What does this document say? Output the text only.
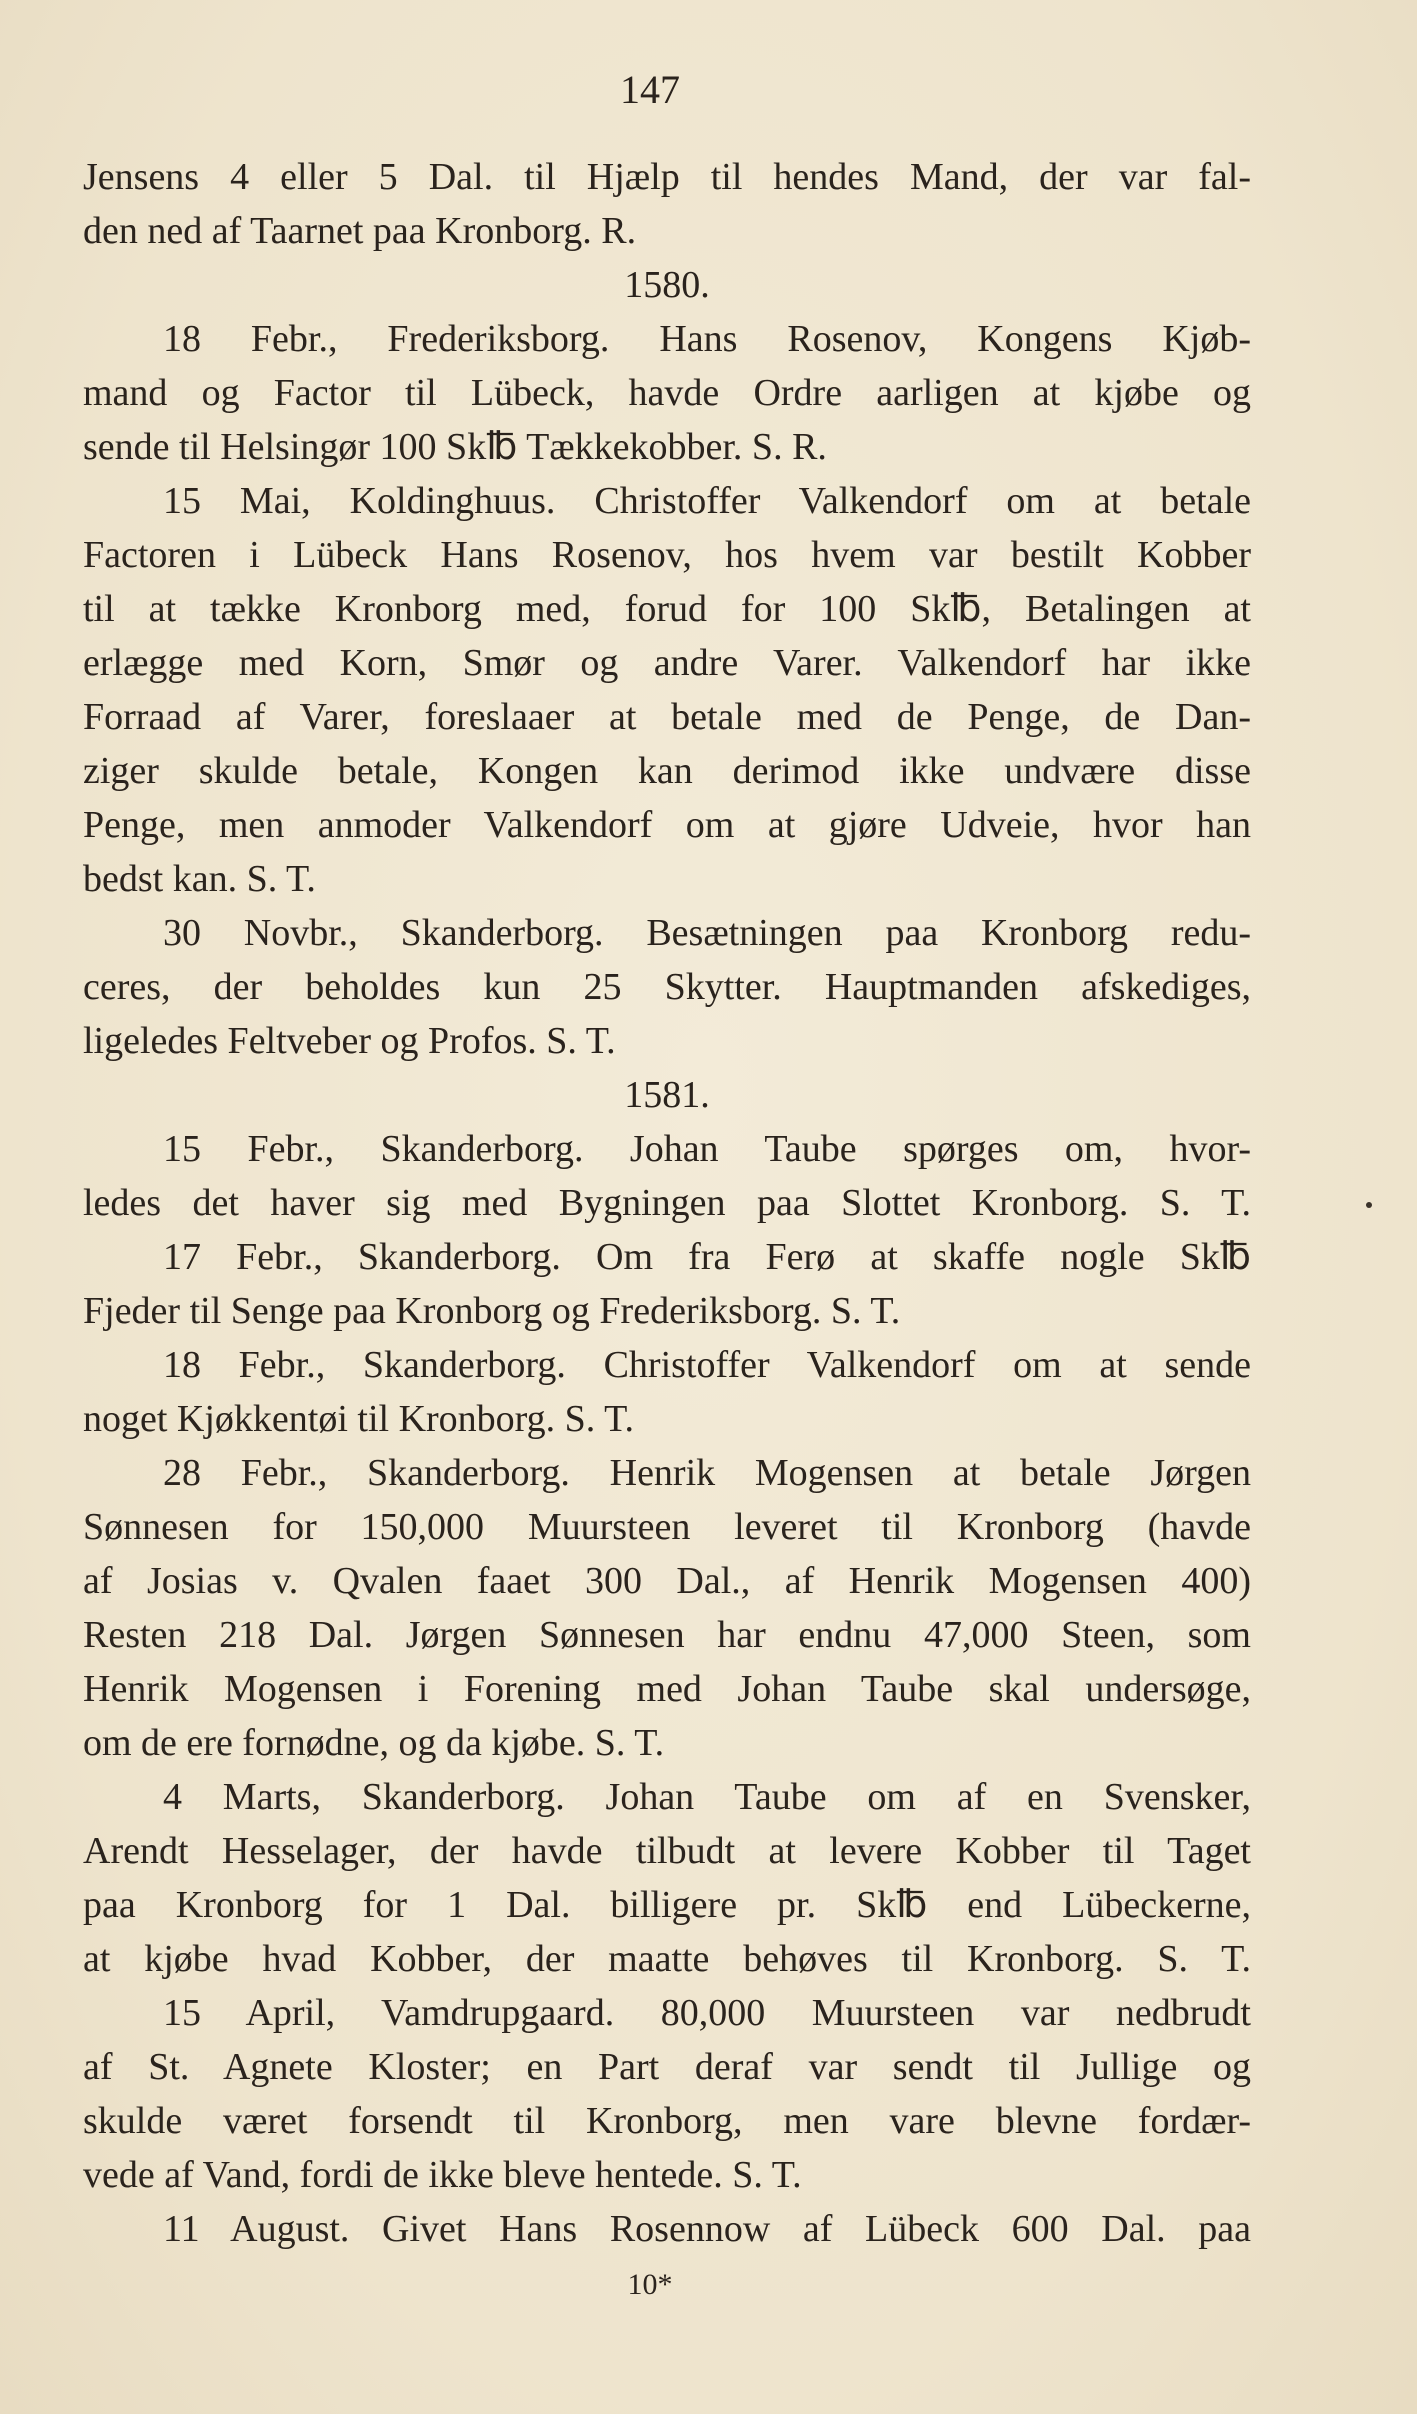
147
Jensens 4 eller 5 Dal. til Hjælp til hendes Mand, der var fal-
den ned af Taarnet paa Kronborg. R.
1580.
18 Febr., Frederiksborg. Hans Rosenov, Kongens Kjøb-
mand og Factor til Lübeck, havde Ordre aarligen at kjøbe og
sende til Helsingør 100 Sk℔ Tækkekobber. S. R.
15 Mai, Koldinghuus. Christoffer Valkendorf om at betale
Factoren i Lübeck Hans Rosenov, hos hvem var bestilt Kobber
til at tække Kronborg med, forud for 100 Sk℔, Betalingen at
erlægge med Korn, Smør og andre Varer. Valkendorf har ikke
Forraad af Varer, foreslaaer at betale med de Penge, de Dan-
ziger skulde betale, Kongen kan derimod ikke undvære disse
Penge, men anmoder Valkendorf om at gjøre Udveie, hvor han
bedst kan. S. T.
30 Novbr., Skanderborg. Besætningen paa Kronborg redu-
ceres, der beholdes kun 25 Skytter. Hauptmanden afskediges,
ligeledes Feltveber og Profos. S. T.
1581.
15 Febr., Skanderborg. Johan Taube spørges om, hvor-
ledes det haver sig med Bygningen paa Slottet Kronborg. S. T.
17 Febr., Skanderborg. Om fra Ferø at skaffe nogle Sk℔
Fjeder til Senge paa Kronborg og Frederiksborg. S. T.
18 Febr., Skanderborg. Christoffer Valkendorf om at sende
noget Kjøkkentøi til Kronborg. S. T.
28 Febr., Skanderborg. Henrik Mogensen at betale Jørgen
Sønnesen for 150,000 Muursteen leveret til Kronborg (havde
af Josias v. Qvalen faaet 300 Dal., af Henrik Mogensen 400)
Resten 218 Dal. Jørgen Sønnesen har endnu 47,000 Steen, som
Henrik Mogensen i Forening med Johan Taube skal undersøge,
om de ere fornødne, og da kjøbe. S. T.
4 Marts, Skanderborg. Johan Taube om af en Svensker,
Arendt Hesselager, der havde tilbudt at levere Kobber til Taget
paa Kronborg for 1 Dal. billigere pr. Sk℔ end Lübeckerne,
at kjøbe hvad Kobber, der maatte behøves til Kronborg. S. T.
15 April, Vamdrupgaard. 80,000 Muursteen var nedbrudt
af St. Agnete Kloster; en Part deraf var sendt til Jullige og
skulde været forsendt til Kronborg, men vare blevne fordær-
vede af Vand, fordi de ikke bleve hentede. S. T.
11 August. Givet Hans Rosennow af Lübeck 600 Dal. paa
10*
